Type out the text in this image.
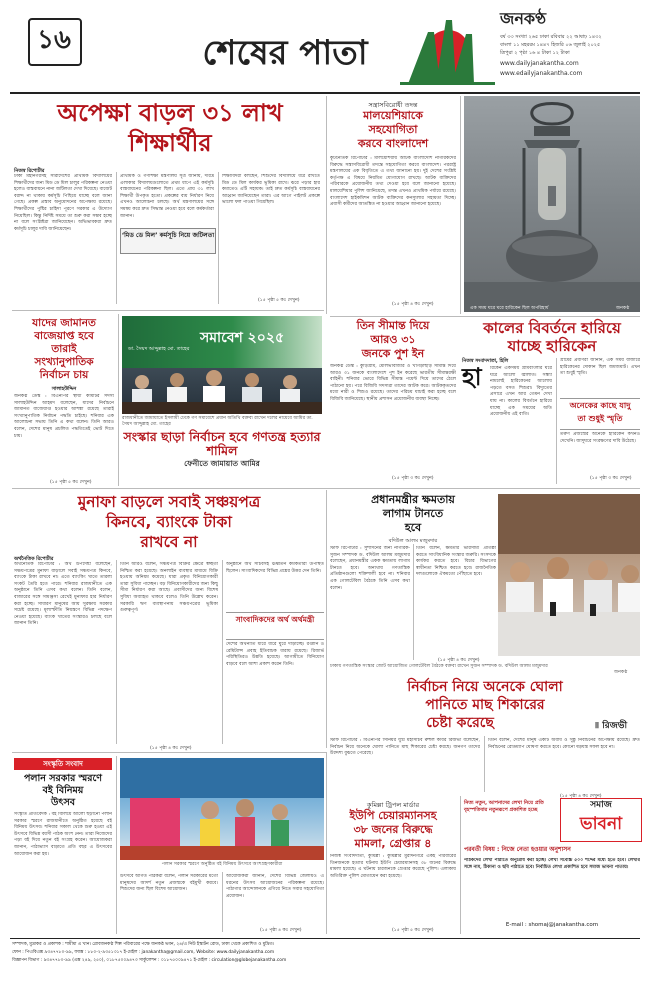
১৬	শেষের পাতা
জনকণ্ঠ
বর্ষ ৩৩ সংখ্যা ২৬৫ ঢাকা রবিবার ২২ আষাঢ় ১৪৩২
বাংলা ১১ মহররম ১৪৪৭ হিজরি ০৬ জুলাই ২০২৫
ত্রিপুরা ২ পৃষ্ঠা ১৬ ৪ টাকা ১২ টাকা
www.dailyjanakantha.com
www.edailyjanakantha.com
অপেক্ষা বাড়ল ৩১ লাখ
শিক্ষার্থীর
নিজস্ব রিপোর্টার
ঢাকা মহানগরসহ সারাদেশের প্রাথমিক বিদ্যালয়ের শিক্ষার্থীদের জন্য মিড ডে মিল চালুর পরিকল্পনা নেওয়া হলেও বাস্তবায়নে নানা জটিলতা দেখা দিয়েছে। বাজেট বরাদ্দ না থাকায় কর্মসূচি পিছিয়ে যাচ্ছে বলে জানা গেছে। প্রকল্প প্রস্তাব অনুমোদনের অপেক্ষায় রয়েছে। শিক্ষার্থীদের পুষ্টির চাহিদা পূরণে সরকার এ উদ্যোগ নিয়েছিল। কিন্তু নির্দিষ্ট সময়ে তা শুরু করা সম্ভব হচ্ছে না বলে সংশ্লিষ্টরা জানিয়েছেন। অভিভাবকরা দ্রুত কর্মসূচি চালুর দাবি জানিয়েছেন।
প্রাথমিক ও গণশিক্ষা মন্ত্রণালয় সূত্র জানায়, দরিদ্র এলাকার বিদ্যালয়গুলোতে প্রথম ধাপে এই কর্মসূচি বাস্তবায়নের পরিকল্পনা ছিল। এতে প্রায় ৩১ লাখ শিক্ষার্থী উপকৃত হতো। প্রকল্পের ব্যয় নির্ধারণ নিয়ে এখনও আলোচনা চলছে। অর্থ মন্ত্রণালয়ের সঙ্গে সমন্বয় করে দ্রুত সিদ্ধান্ত নেওয়া হবে বলে কর্মকর্তারা জানান।
‘মিড ডে মিল’ কর্মসূচি নিয়ে জটিলতা
শিক্ষাবিদরা বলছেন, শিশুদের বিদ্যালয়ে ধরে রাখতে মিড ডে মিল কার্যকর ভূমিকা রাখে। ঝরে পড়ার হার কমাতেও এটি সহায়ক। তাই দ্রুত কর্মসূচি বাস্তবায়নের আহ্বান জানিয়েছেন তারা। এর আগে পাইলট প্রকল্পে ভালো ফল পাওয়া গিয়েছিল।
(১৫ পৃষ্ঠা ৫ কঃ দেখুন)
সন্ত্রাসবিরোধী তদন্ত
মালয়েশিয়াকে
সহযোগিতা
করবে বাংলাদেশ
কূটনৈতিক রিপোর্টার : মালয়েশিয়ায় আটক বাংলাদেশি নাগরিকদের বিরুদ্ধে সন্ত্রাসবিরোধী তদন্তে সহযোগিতা করবে বাংলাদেশ। পররাষ্ট্র মন্ত্রণালয়ের এক বিবৃতিতে এ তথ্য জানানো হয়। দুই দেশের সংশ্লিষ্ট কর্তৃপক্ষ এ বিষয়ে নিয়মিত যোগাযোগ রাখছে। আটক ব্যক্তিদের পরিবারকে প্রয়োজনীয় তথ্য দেওয়া হবে বলে জানানো হয়েছে। মালয়েশিয়ার পুলিশ জানিয়েছে, তদন্ত এখনও প্রাথমিক পর্যায়ে রয়েছে। বাংলাদেশ হাইকমিশন আটক ব্যক্তিদের কনস্যুলার সহায়তা দিচ্ছে। প্রবাসী কর্মীদের আতঙ্কিত না হওয়ার আহ্বান জানানো হয়েছে।
(১৫ পৃষ্ঠা ৪ কঃ দেখুন)
এক সময় ঘরে ঘরে হারিকেন ছিল অপরিহার্য	জনকণ্ঠ
তিন সীমান্ত দিয়ে
আরও ৩১
জনকে পুশ ইন
জনকণ্ঠ ডেস্ক : কুড়িগ্রাম, মৌলভীবাজার ও খাগড়াছড়ি সীমান্ত দিয়ে আরও ৩১ জনকে বাংলাদেশে পুশ ইন করেছে ভারতীয় সীমান্তরক্ষী বাহিনী। শনিবার ভোরে বিভিন্ন সীমান্ত পয়েন্ট দিয়ে তাদের ঠেলে পাঠানো হয়। পরে বিজিবি সদস্যরা তাদের আটক করে। আটককৃতদের মধ্যে নারী ও শিশুও রয়েছে। তাদের পরিচয় যাচাই করা হচ্ছে বলে বিজিবি জানিয়েছে। স্থানীয় প্রশাসন প্রয়োজনীয় ব্যবস্থা নিচ্ছে।
(১৫ পৃষ্ঠা ৩ কঃ দেখুন)
কালের বিবর্তনে হারিয়ে
যাচ্ছে হারিকেন
নিজস্ব সংবাদদাতা, হিলি
হা	রিকেন একসময় গ্রামবাংলার ঘরে ঘরে আলো জ্বালাত। সন্ধ্যা নামলেই হারিকেনের আলোয় পড়তে বসত শিশুরা। বিদ্যুতের প্রসারে এখন আর তেমন দেখা যায় না। কালের বিবর্তনে হারিয়ে যাচ্ছে এক সময়ের অতি প্রয়োজনীয় এই বাতি।
গ্রামের প্রবীণরা জানান, এক সময় বাজারে হারিকেনের দোকান ছিল জমজমাট। এখন তা শুধুই স্মৃতি।
অনেকের কাছে যাদু
তা শুধুই স্মৃতি
তরুণ প্রজন্মের অনেকে হারিকেন কখনও দেখেনি। জাদুঘরে সংরক্ষণের দাবি উঠেছে।
(১৫ পৃষ্ঠা ৩ কঃ দেখুন)
যাদের জামানত
বাজেয়াপ্ত হবে
তারাই
সংখ্যানুপাতিক
নির্বাচন চায়
সালাহউদ্দিন
জনকণ্ঠ ডেস্ক : বিএনপির স্থায়ী কমিটির সদস্য সালাহউদ্দিন আহমদ বলেছেন, যাদের নির্বাচনে জামানত বাজেয়াপ্ত হওয়ার আশঙ্কা রয়েছে তারাই সংখ্যানুপাতিক নির্বাচন পদ্ধতি চাইছে। শনিবার এক আলোচনা সভায় তিনি এ কথা বলেন। তিনি আরও বলেন, দেশের মানুষ প্রচলিত পদ্ধতিতেই ভোট দিতে চায়।
(১৫ পৃষ্ঠা ৫ কঃ দেখুন)
সমাবেশ ২০২৫
ডা. সৈয়দ আব্দুল্লাহ মো. তাহের
রাজধানীতে জামায়াতে ইসলামী ঢেকে গণ সমাবেশে প্রধান অতিথি বক্তব্য রাখেন দলের নায়েবে আমির ডা. সৈয়দ আব্দুল্লাহ মো. তাহের
সংস্কার ছাড়া নির্বাচন হবে গণতন্ত্র হত্যার শামিল
ফেনীতে জামায়াত আমির
মুনাফা বাড়লে সবাই সঞ্চয়পত্র
কিনবে, ব্যাংকে টাকা
রাখবে না
অর্থনৈতিক রিপোর্টার
অর্থনৈতিক রিপোর্টার : অর্থ উপদেষ্টা বলেছেন, সঞ্চয়পত্রের মুনাফা বাড়ালে সবাই সঞ্চয়পত্র কিনবে, ব্যাংকে টাকা রাখবে না। এতে ব্যাংকিং খাতে তারল্য সংকট তৈরি হতে পারে। শনিবার রাজধানীতে এক অনুষ্ঠানে তিনি এসব কথা বলেন। তিনি বলেন, বাজারের সঙ্গে সামঞ্জস্য রেখেই মুনাফার হার নির্ধারণ করা হচ্ছে। সাধারণ মানুষের আয় সুরক্ষায় সরকার সচেষ্ট রয়েছে। মূল্যস্ফীতি নিয়ন্ত্রণে বিভিন্ন পদক্ষেপ নেওয়া হয়েছে। ব্যাংক খাতের সংস্কারও চলছে বলে জানান তিনি।
তিনি আরও বলেন, সঞ্চয়পত্র বিক্রির ক্ষেত্রে স্বচ্ছতা নিশ্চিত করা হয়েছে। অনলাইন ব্যবস্থার মাধ্যমে বিক্রি হওয়ায় অনিয়ম কমেছে। যারা প্রকৃত বিনিয়োগকারী তারা সুবিধা পাচ্ছেন। বড় বিনিয়োগকারীদের জন্য কিছু সীমা নির্ধারণ করা আছে। প্রবাসীদের জন্য বিশেষ সুবিধা অব্যাহত থাকবে বলেও তিনি উল্লেখ করেন। সরকারি ঋণ ব্যবস্থাপনায় সঞ্চয়পত্রের ভূমিকা গুরুত্বপূর্ণ।
অনুষ্ঠানে অর্থ সচিবসহ ঊর্ধ্বতন কর্মকর্তারা উপস্থিত ছিলেন। সাংবাদিকদের বিভিন্ন প্রশ্নের উত্তর দেন তিনি।
সাংবাদিকদের অর্থ অর্থমন্ত্রী
দেশের অর্থনীতি ধীরে ধীরে ঘুরে দাঁড়াচ্ছে। রপ্তানি ও রেমিট্যান্স প্রবাহ ইতিবাচক ধারায় রয়েছে। রিজার্ভ পরিস্থিতিরও উন্নতি হয়েছে। আগামীতে বিনিয়োগ বাড়বে বলে আশা প্রকাশ করেন তিনি।
(১৫ পৃষ্ঠা ৪ কঃ দেখুন)
প্রধানমন্ত্রীর ক্ষমতায়
লাগাম টানতে
হবে
বদিউল আলম মজুমদার
স্টাফ রিপোর্টার : সুশাসনের জন্য নাগরিক-সুজন সম্পাদক ড. বদিউল আলম মজুমদার বলেছেন, প্রধানমন্ত্রীর একক ক্ষমতায় লাগাম টানতে হবে। অন্যথায় গণতান্ত্রিক প্রতিষ্ঠানগুলো শক্তিশালী হবে না। শনিবার এক গোলটেবিল বৈঠকে তিনি এসব কথা বলেন।
তিনি বলেন, ক্ষমতার ভারসাম্য প্রতিষ্ঠা করতে সাংবিধানিক সংস্কার জরুরি। সংসদকে কার্যকর করতে হবে। বিচার বিভাগের স্বাধীনতা নিশ্চিত করতে হবে। রাজনৈতিক দলগুলোকে ঐকমত্যে পৌঁছাতে হবে।
ঢাকায় গণতান্ত্রিক সংস্কার জোট আয়োজিত গোলটেবিল বৈঠকে বক্তব্য রাখেন সুজন সম্পাদক ড. বদিউল আলম মজুমদার
জনকণ্ঠ
(১৫ পৃষ্ঠা ৪ কঃ দেখুন)
নির্বাচন নিয়ে অনেকে ঘোলা
পানিতে মাছ শিকারের
চেষ্টা করেছে	॥ রিজভী
স্টাফ রিপোর্টার : বিএনপির সিনিয়র যুগ্ম মহাসচিব রুহুল কবির রিজভী বলেছেন, নির্বাচন নিয়ে অনেকে ঘোলা পানিতে মাছ শিকারের চেষ্টা করছে। জনগণ তাদের উদ্দেশ্য বুঝতে পেরেছে।
তিনি বলেন, দেশের মানুষ একটি অবাধ ও সুষ্ঠু নির্বাচনের অপেক্ষায় রয়েছে। দ্রুত নির্বাচনের রোডম্যাপ ঘোষণা করতে হবে। কোনো ষড়যন্ত্র সফল হবে না।
(১৫ পৃষ্ঠা ৪ কঃ দেখুন)
সংস্কৃতি সংবাদ
পলান সরকার স্মরণে
বই বিনিময়
উৎসব
সংস্কৃতি প্রতিবেদক : বই বিলিয়ে আলো ছড়ানো পলান সরকার স্মরণে রাজধানীতে অনুষ্ঠিত হয়েছে বই বিনিময় উৎসব। শনিবার সকাল থেকে শুরু হওয়া এই উৎসবে বিভিন্ন বয়সী পাঠক অংশ নেন। তারা নিজেদের পড়া বই দিয়ে নতুন বই সংগ্রহ করেন। আয়োজকরা জানান, পাঠাভ্যাস বাড়াতে প্রতি বছর এ উৎসবের আয়োজন করা হয়।
পলান সরকার স্মরণে অনুষ্ঠিত বই বিনিময় উৎসবে অংশগ্রহণকারীরা
উৎসবে আগত পাঠকরা বলেন, পলান সরকারের মতো মানুষদের আদর্শ নতুন প্রজন্মকে বইমুখী করবে। শিশুদের জন্য ছিল বিশেষ আয়োজন।
আয়োজকরা জানান, দেশের বিভিন্ন জেলায়ও এ ধরনের উৎসব আয়োজনের পরিকল্পনা রয়েছে। পাঠাগার আন্দোলনকে এগিয়ে নিতে সবার সহযোগিতা প্রয়োজন।
(১৫ পৃষ্ঠা ৪ কঃ দেখুন)
কুমিল্লা ট্রিপল মার্ডার
ইউপি চেয়ারম্যানসহ
৩৮ জনের বিরুদ্ধে
মামলা, গ্রেপ্তার ৪
নিজস্ব সংবাদদাতা, কুমিল্লা : কুমিল্লার মুরাদনগরে একই পরিবারের তিনজনকে হত্যার ঘটনায় ইউপি চেয়ারম্যানসহ ৩৮ জনের বিরুদ্ধে মামলা হয়েছে। এ ঘটনায় চারজনকে গ্রেপ্তার করেছে পুলিশ। এলাকায় অতিরিক্ত পুলিশ মোতায়েন করা হয়েছে।
(১৫ পৃষ্ঠা ৫ কঃ দেখুন)
নিত্য নতুন, আপনাদের লেখা নিয়ে প্রতি বৃহস্পতিবার নতুনরূপে প্রকাশিত হচ্ছে	সমাজ
ভাবনা
পরবর্তী বিষয় : নিজে নেতা হওয়ার অনুশাসন
পাঠকদের লেখা পাঠাতে অনুরোধ করা হচ্ছে। লেখা সর্বোচ্চ ৫০০ শব্দের মধ্যে হতে হবে। লেখার সঙ্গে নাম, ঠিকানা ও ছবি পাঠাতে হবে। নির্বাচিত লেখা প্রকাশিত হবে সমাজ ভাবনা পাতায়।
E-mail : shomaj@janakantha.com
সম্পাদক, মুদ্রাকর ও প্রকাশক : শামীমা এ খান। গ্লোবজনকণ্ঠ শিল্প পরিবারের পক্ষে জনকণ্ঠ ভবন, ২৪/এ নিউ ইস্কাটন রোড, ঢাকা থেকে প্রকাশিত ও মুদ্রিত।
ফোন : পিএবিএক্স ৯৩৪৭৭৮০-৯৯, ফ্যাক্স : ৮৮০-২-৯৩৫১৩১৭ ই-মেইল : janakantha@gmail.com, Website: www.dailyjanakantha.com
বিজ্ঞাপন বিভাগ : ৯৩৪৭৭৮০-৯৯ (এক্স ২৪৯, ২৫০), ০১৮৭৫০০৯৪৭৩ সার্কুলেশন : ০১৮৭৫০০৯৪৭১ ই-মেইল : circulation@globejanakantha.com
